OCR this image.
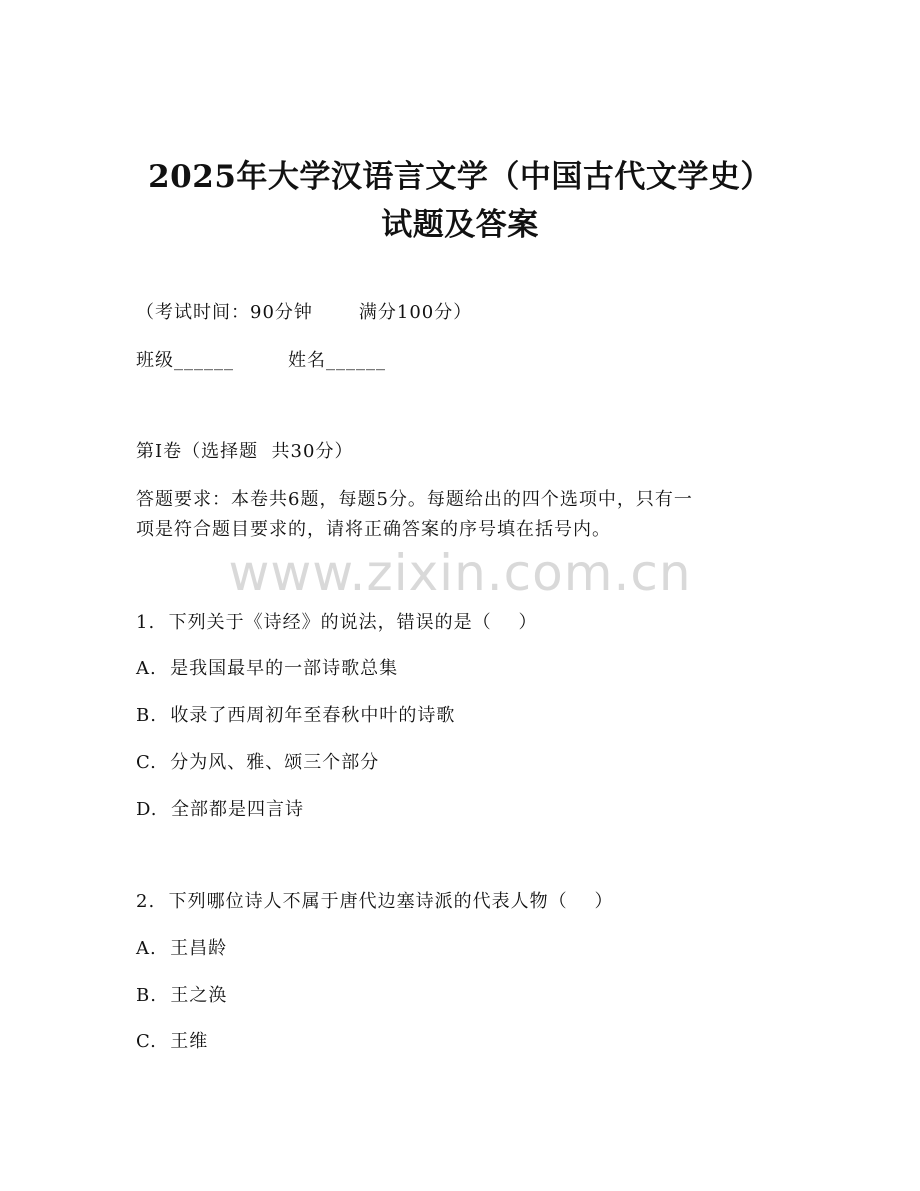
2025年大学汉语言文学（中国古代文学史）
试题及答案
（考试时间：90分钟	满分100分）
班级______	姓名______
第I卷（选择题  共30分）
答题要求：本卷共6题，每题5分。每题给出的四个选项中，只有一
项是符合题目要求的，请将正确答案的序号填在括号内。
www.zixin.com.cn
1.  下列关于《诗经》的说法，错误的是（    ）
A.  是我国最早的一部诗歌总集
B.  收录了西周初年至春秋中叶的诗歌
C.  分为风、雅、颂三个部分
D.  全部都是四言诗
2.  下列哪位诗人不属于唐代边塞诗派的代表人物（    ）
A.  王昌龄
B.  王之涣
C.  王维
